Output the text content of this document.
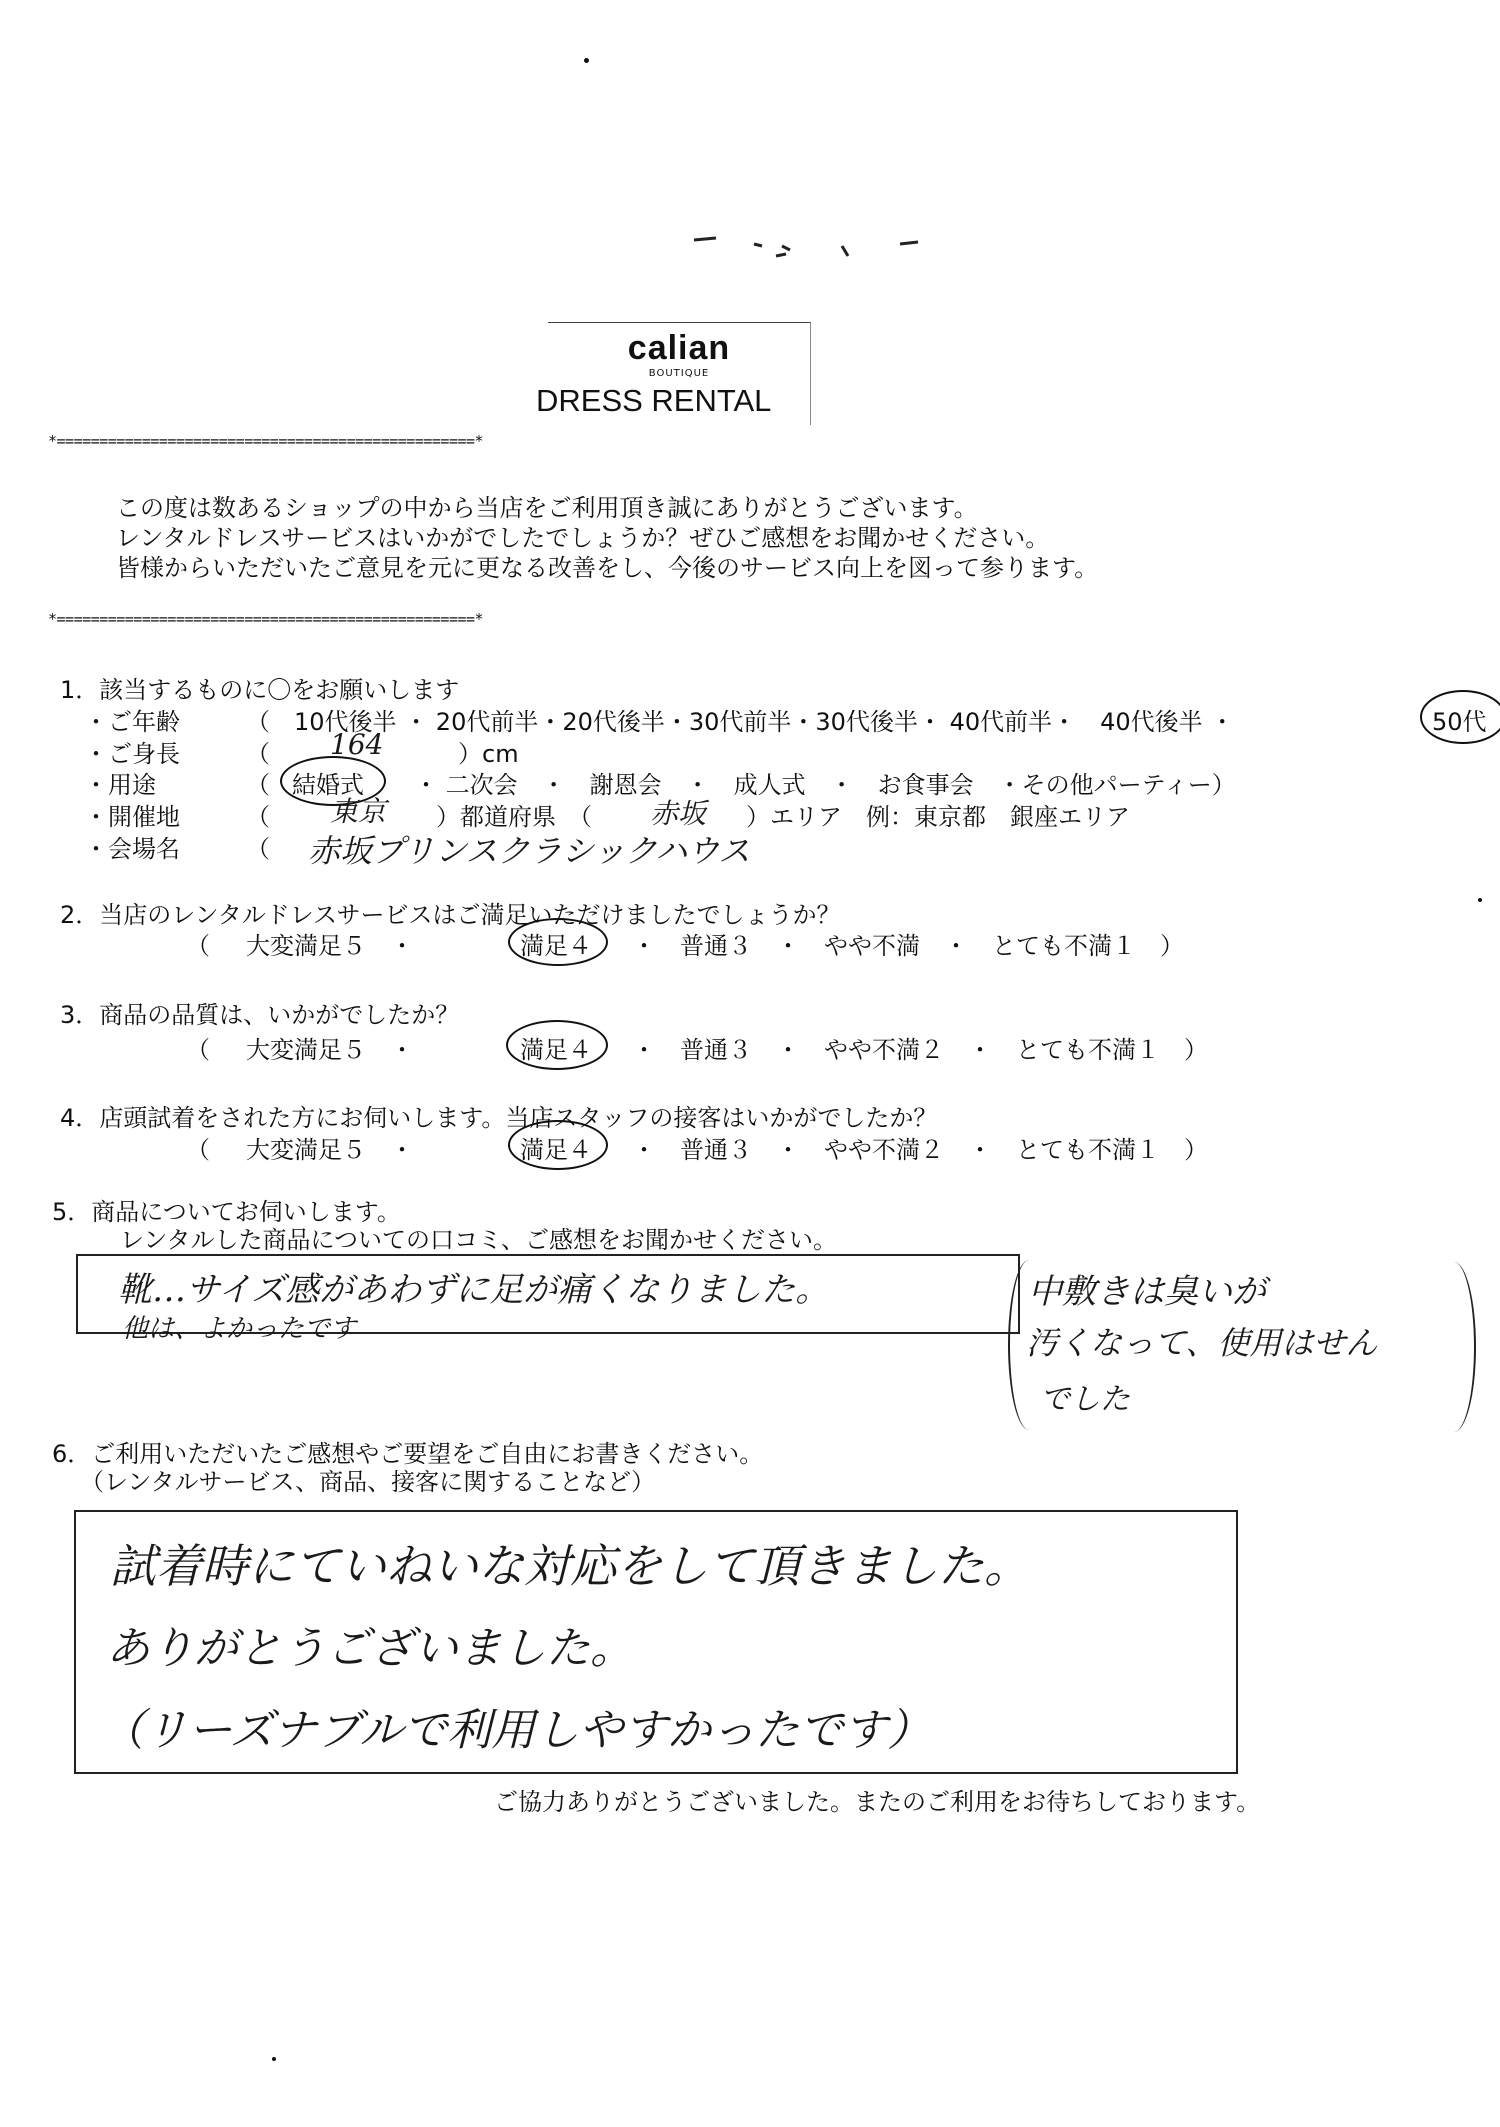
calian
BOUTIQUE
DRESS RENTAL
*=================================================*
*=================================================*
この度は数あるショップの中から当店をご利用頂き誠にありがとうございます。
レンタルドレスサービスはいかがでしたでしょうか？ぜひご感想をお聞かせください。
皆様からいただいたご意見を元に更なる改善をし、今後のサービス向上を図って参ります。
1．該当するものに〇をお願いします
・ご年齢	（　10代後半 ・ 20代前半・20代後半・30代前半・30代後半・ 40代前半・　40代後半 ・	50代
・ご身長	（ 164	）cm
・用途	（ 結婚式 ・ 二次会　・　謝恩会　・　成人式　・　お食事会　・その他パーティー）
・開催地	（ 東京 ）都道府県　（ 赤坂 ）エリア　例：東京都　銀座エリア
・会場名	（ 赤坂プリンスクラシックハウス
2．当店のレンタルドレスサービスはご満足いただけましたでしょうか？
（ 大変満足５　・	満足４ ・　普通３　・　やや不満　・　とても不満１　）
3．商品の品質は、いかがでしたか？
（ 大変満足５　・	満足４ ・　普通３　・　やや不満２　・　とても不満１　）
4．店頭試着をされた方にお伺いします。当店スタッフの接客はいかがでしたか？
（ 大変満足５　・	満足４ ・　普通３　・　やや不満２　・　とても不満１　）
5．商品についてお伺いします。
レンタルした商品についての口コミ、ご感想をお聞かせください。
靴…サイズ感があわずに足が痛くなりました。
他は、よかったです
中敷きは臭いが
汚くなって、使用はせん
でした
6．ご利用いただいたご感想やご要望をご自由にお書きください。
（レンタルサービス、商品、接客に関することなど）
試着時にていねいな対応をして頂きました。
ありがとうございました。
（リーズナブルで利用しやすかったです）
ご協力ありがとうございました。またのご利用をお待ちしております。
